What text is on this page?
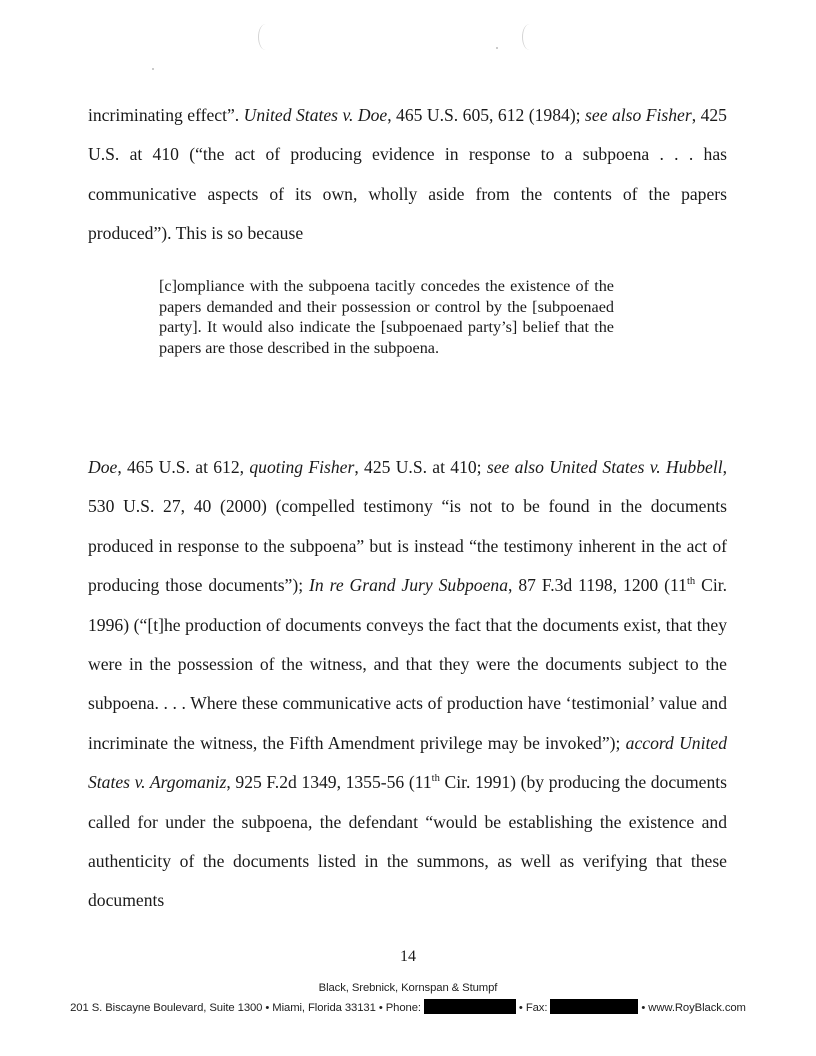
incriminating effect”. United States v. Doe, 465 U.S. 605, 612 (1984); see also Fisher, 425 U.S. at 410 (“the act of producing evidence in response to a subpoena . . . has communicative aspects of its own, wholly aside from the contents of the papers produced”). This is so because

[c]ompliance with the subpoena tacitly concedes the existence of the papers demanded and their possession or control by the [subpoenaed party]. It would also indicate the [subpoenaed party’s] belief that the papers are those described in the subpoena.

Doe, 465 U.S. at 612, quoting Fisher, 425 U.S. at 410; see also United States v. Hubbell, 530 U.S. 27, 40 (2000) (compelled testimony “is not to be found in the documents produced in response to the subpoena” but is instead “the testimony inherent in the act of producing those documents”); In re Grand Jury Subpoena, 87 F.3d 1198, 1200 (11th Cir. 1996) (“[t]he production of documents conveys the fact that the documents exist, that they were in the possession of the witness, and that they were the documents subject to the subpoena. . . . Where these communicative acts of production have ‘testimonial’ value and incriminate the witness, the Fifth Amendment privilege may be invoked”); accord United States v. Argomaniz, 925 F.2d 1349, 1355-56 (11th Cir. 1991) (by producing the documents called for under the subpoena, the defendant “would be establishing the existence and authenticity of the documents listed in the summons, as well as verifying that these documents

14
Black, Srebnick, Kornspan & Stumpf
201 S. Biscayne Boulevard, Suite 1300 • Miami, Florida 33131 • Phone:	• Fax:	• www.RoyBlack.com
